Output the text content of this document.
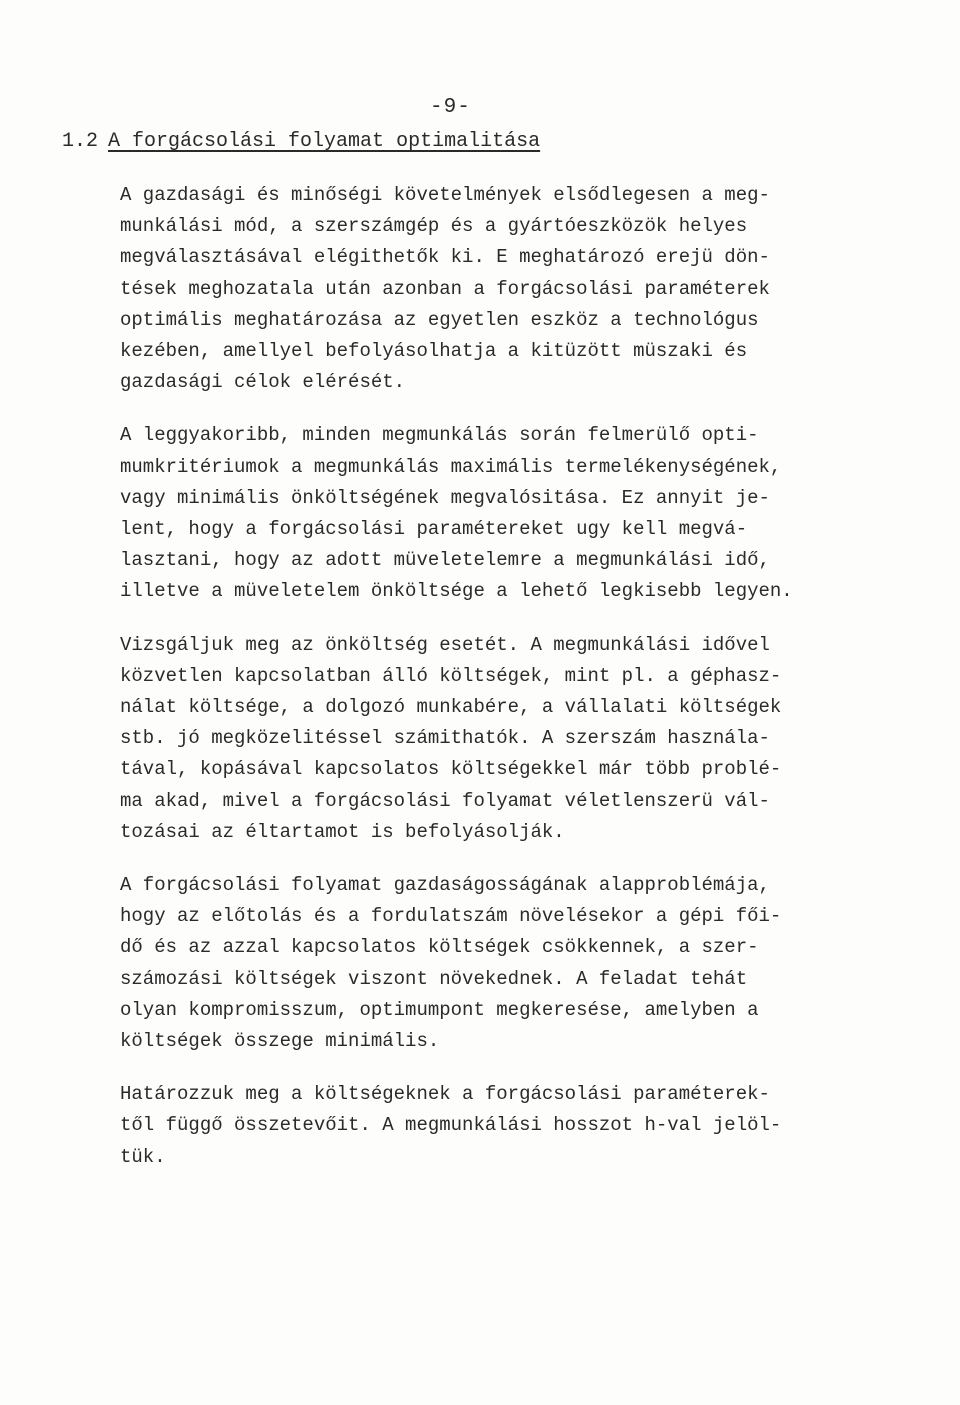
-9-
1.2 A forgácsolási folyamat optimalitása

A gazdasági és minőségi követelmények elsődlegesen a meg-
munkálási mód, a szerszámgép és a gyártóeszközök helyes
megválasztásával elégithetők ki. E meghatározó erejü dön-
tések meghozatala után azonban a forgácsolási paraméterek
optimális meghatározása az egyetlen eszköz a technológus
kezében, amellyel befolyásolhatja a kitüzött müszaki és
gazdasági célok elérését.

A leggyakoribb, minden megmunkálás során felmerülő opti-
mumkritériumok a megmunkálás maximális termelékenységének,
vagy minimális önköltségének megvalósitása. Ez annyit je-
lent, hogy a forgácsolási paramétereket ugy kell megvá-
lasztani, hogy az adott müveletelemre a megmunkálási idő,
illetve a müveletelem önköltsége a lehető legkisebb legyen.

Vizsgáljuk meg az önköltség esetét. A megmunkálási idővel
közvetlen kapcsolatban álló költségek, mint pl. a géphasz-
nálat költsége, a dolgozó munkabére, a vállalati költségek
stb. jó megközelitéssel számithatók. A szerszám használa-
tával, kopásával kapcsolatos költségekkel már több problé-
ma akad, mivel a forgácsolási folyamat véletlenszerü vál-
tozásai az éltartamot is befolyásolják.

A forgácsolási folyamat gazdaságosságának alapproblémája,
hogy az előtolás és a fordulatszám növelésekor a gépi fői-
dő és az azzal kapcsolatos költségek csökkennek, a szer-
számozási költségek viszont növekednek. A feladat tehát
olyan kompromisszum, optimumpont megkeresése, amelyben a
költségek összege minimális.

Határozzuk meg a költségeknek a forgácsolási paraméterek-
től függő összetevőit. A megmunkálási hosszot h-val jelöl-
tük.
